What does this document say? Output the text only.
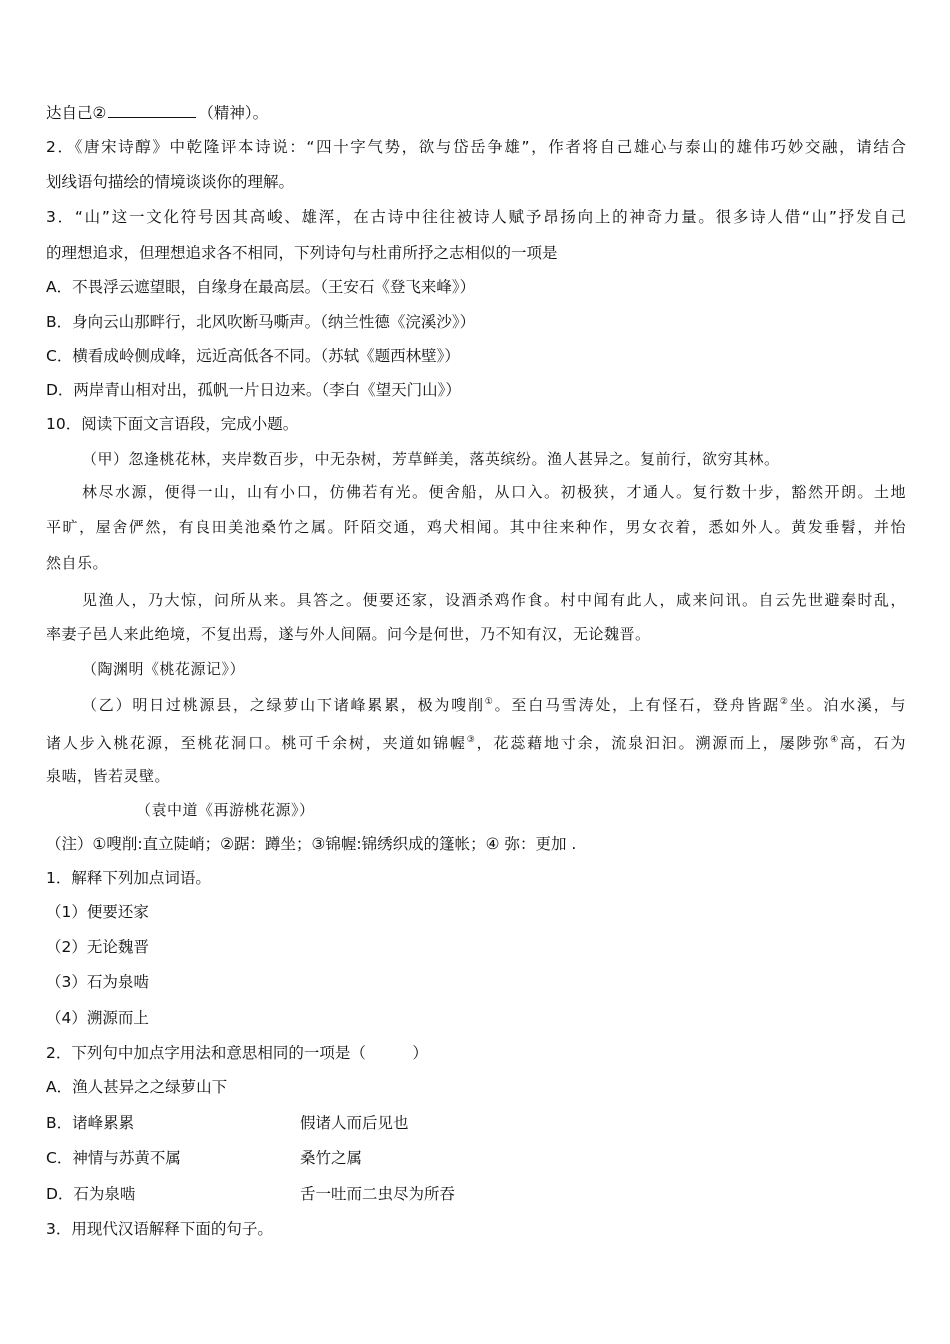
达自己②	（精神）。
2．《唐宋诗醇》中乾隆评本诗说：“四十字气势，欲与岱岳争雄”，作者将自己雄心与泰山的雄伟巧妙交融，请结合
划线语句描绘的情境谈谈你的理解。
3．“山”这一文化符号因其高峻、雄浑，在古诗中往往被诗人赋予昂扬向上的神奇力量。很多诗人借“山”抒发自己
的理想追求，但理想追求各不相同，下列诗句与杜甫所抒之志相似的一项是
A．不畏浮云遮望眼，自缘身在最高层。（王安石《登飞来峰》）
B．身向云山那畔行，北风吹断马嘶声。（纳兰性德《浣溪沙》）
C．横看成岭侧成峰，远近高低各不同。（苏轼《题西林壁》）
D．两岸青山相对出，孤帆一片日边来。（李白《望天门山》）
10．阅读下面文言语段，完成小题。
（甲）忽逢桃花林，夹岸数百步，中无杂树，芳草鲜美，落英缤纷。渔人甚异之。复前行，欲穷其林。
林尽水源，便得一山，山有小口，仿佛若有光。便舍船，从口入。初极狭，才通人。复行数十步，豁然开朗。土地
平旷，屋舍俨然，有良田美池桑竹之属。阡陌交通，鸡犬相闻。其中往来种作，男女衣着，悉如外人。黄发垂髫，并怡
然自乐。
见渔人，乃大惊，问所从来。具答之。便要还家，设酒杀鸡作食。村中闻有此人，咸来问讯。自云先世避秦时乱，
率妻子邑人来此绝境，不复出焉，遂与外人间隔。问今是何世，乃不知有汉，无论魏晋。
（陶渊明《桃花源记》）
（乙）明日过桃源县，之绿萝山下诸峰累累，极为嗖削①。至白马雪涛处，上有怪石，登舟皆踞②坐。泊水溪，与
诸人步入桃花源，至桃花洞口。桃可千余树，夹道如锦幄③，花蕊藉地寸余，流泉汩汩。溯源而上，屡陟弥④高，石为
泉啮，皆若灵壁。
（袁中道《再游桃花源》）
（注）①嗖削:直立陡峭；②踞：蹲坐；③锦幄:锦绣织成的篷帐；④ 弥：更加 .
1．解释下列加点词语。
（1）便要还家
（2）无论魏晋
（3）石为泉啮
（4）溯源而上
2．下列句中加点字用法和意思相同的一项是（　　　）
A．渔人甚异之之绿萝山下
B．诸峰累累	假诸人而后见也
C．神情与苏黄不属	桑竹之属
D．石为泉啮	舌一吐而二虫尽为所吞
3．用现代汉语解释下面的句子。
